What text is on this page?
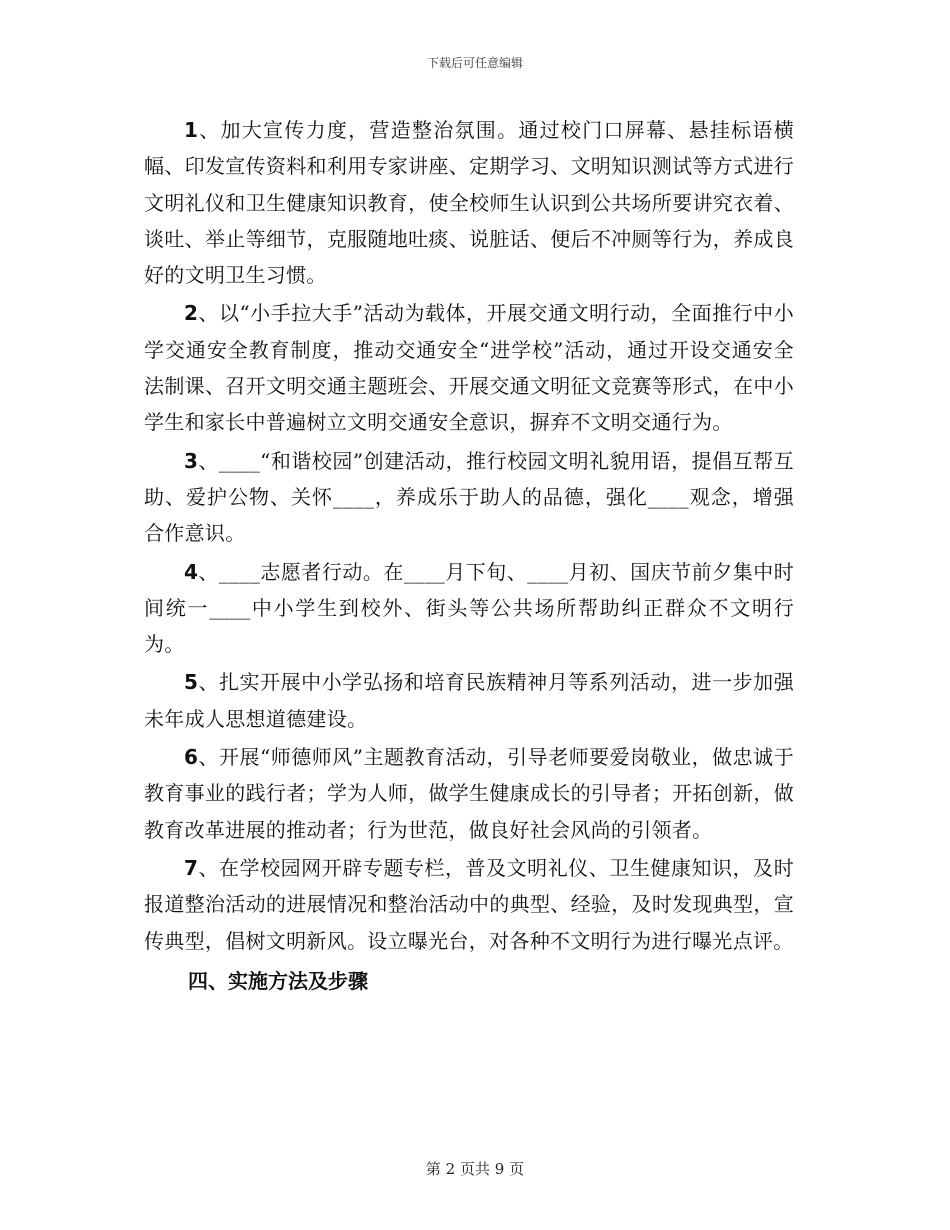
下载后可任意编辑

1、加大宣传力度，营造整治氛围。通过校门口屏幕、悬挂标语横幅、印发宣传资料和利用专家讲座、定期学习、文明知识测试等方式进行文明礼仪和卫生健康知识教育，使全校师生认识到公共场所要讲究衣着、谈吐、举止等细节，克服随地吐痰、说脏话、便后不冲厕等行为，养成良好的文明卫生习惯。

2、以“小手拉大手”活动为载体，开展交通文明行动，全面推行中小学交通安全教育制度，推动交通安全“进学校”活动，通过开设交通安全法制课、召开文明交通主题班会、开展交通文明征文竞赛等形式，在中小学生和家长中普遍树立文明交通安全意识，摒弃不文明交通行为。

3、____“和谐校园”创建活动，推行校园文明礼貌用语，提倡互帮互助、爱护公物、关怀____，养成乐于助人的品德，强化____观念，增强合作意识。

4、____志愿者行动。在____月下旬、____月初、国庆节前夕集中时间统一____中小学生到校外、街头等公共场所帮助纠正群众不文明行为。

5、扎实开展中小学弘扬和培育民族精神月等系列活动，进一步加强未年成人思想道德建设。

6、开展“师德师风”主题教育活动，引导老师要爱岗敬业，做忠诚于教育事业的践行者；学为人师，做学生健康成长的引导者；开拓创新，做教育改革进展的推动者；行为世范，做良好社会风尚的引领者。

7、在学校园网开辟专题专栏，普及文明礼仪、卫生健康知识，及时报道整治活动的进展情况和整治活动中的典型、经验，及时发现典型，宣传典型，倡树文明新风。设立曝光台，对各种不文明行为进行曝光点评。

四、实施方法及步骤

第 2 页共 9 页
